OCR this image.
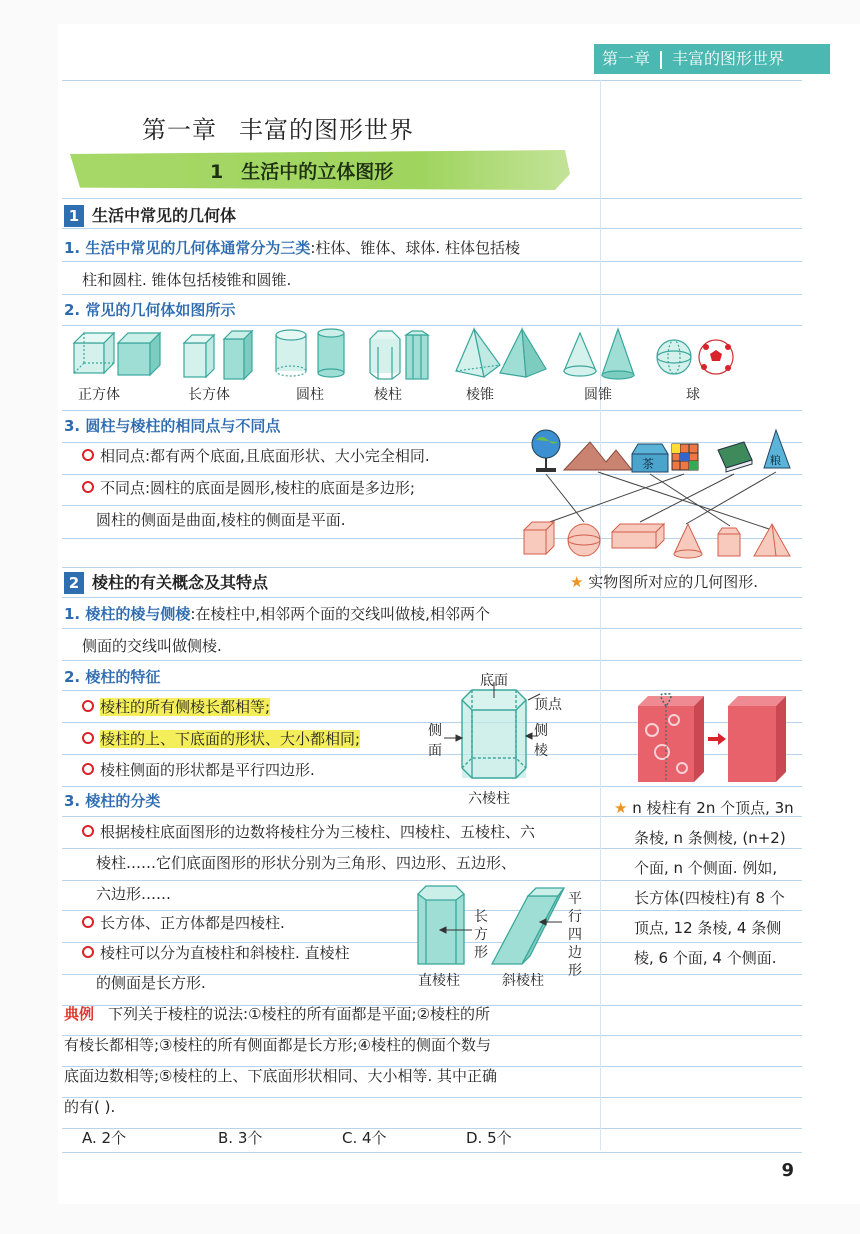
第一章 丰富的图形世界
第一章 丰富的图形世界
1 生活中的立体图形
1 生活中常见的几何体
1. 生活中常见的几何体通常分为三类:柱体、锥体、球体. 柱体包括棱
柱和圆柱. 锥体包括棱锥和圆锥.
2. 常见的几何体如图所示
正方体	长方体	圆柱	棱柱	棱锥	圆锥	球
3. 圆柱与棱柱的相同点与不同点
相同点:都有两个底面,且底面形状、大小完全相同.
不同点:圆柱的底面是圆形,棱柱的底面是多边形;
圆柱的侧面是曲面,棱柱的侧面是平面.
茶	粮
2 棱柱的有关概念及其特点	★ 实物图所对应的几何图形.
1. 棱柱的棱与侧棱:在棱柱中,相邻两个面的交线叫做棱,相邻两个
侧面的交线叫做侧棱.
2. 棱柱的特征
棱柱的所有侧棱长都相等;
棱柱的上、下底面的形状、大小都相同;
棱柱侧面的形状都是平行四边形.
底面
顶点
侧
面
侧
棱
六棱柱	★ n 棱柱有 2n 个顶点, 3n
条棱, n 条侧棱, (n+2)
个面, n 个侧面. 例如,
长方体(四棱柱)有 8 个
顶点, 12 条棱, 4 条侧
棱, 6 个面, 4 个侧面.
3. 棱柱的分类
根据棱柱底面图形的边数将棱柱分为三棱柱、四棱柱、五棱柱、六
棱柱……它们底面图形的形状分别为三角形、四边形、五边形、
六边形……
长方体、正方体都是四棱柱.
棱柱可以分为直棱柱和斜棱柱. 直棱柱
的侧面是长方形.
长
方
形
平
行
四
边
形
直棱柱	斜棱柱
典例 下列关于棱柱的说法:①棱柱的所有面都是平面;②棱柱的所
有棱长都相等;③棱柱的所有侧面都是长方形;④棱柱的侧面个数与
底面边数相等;⑤棱柱的上、下底面形状相同、大小相等. 其中正确
的有( ).
A. 2个	B. 3个	C. 4个	D. 5个
9
